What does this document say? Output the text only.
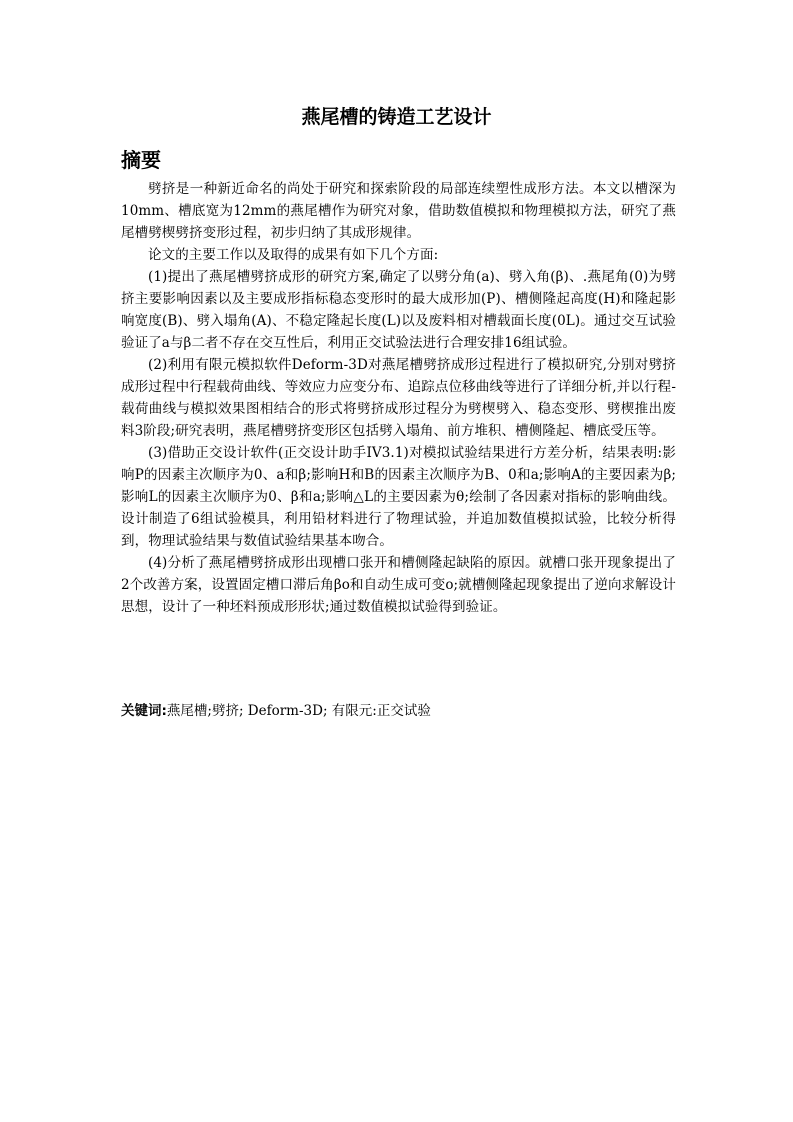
燕尾槽的铸造工艺设计
摘要

劈挤是一种新近命名的尚处于研究和探索阶段的局部连续塑性成形方法。本文以槽深为10mm、槽底宽为12mm的燕尾槽作为研究对象，借助数值模拟和物理模拟方法，研究了燕尾槽劈楔劈挤变形过程，初步归纳了其成形规律。

论文的主要工作以及取得的成果有如下几个方面:

(1)提出了燕尾槽劈挤成形的研究方案,确定了以劈分角(a)、劈入角(β)、.燕尾角(0)为劈挤主要影响因素以及主要成形指标稳态变形时的最大成形加(P)、槽侧隆起高度(H)和隆起影响宽度(B)、劈入塌角(A)、不稳定隆起长度(L)以及废料相对槽载面长度(0L)。通过交互试验验证了a与β二者不存在交互性后，利用正交试验法进行合理安排16组试验。

(2)利用有限元模拟软件Deform-3D对燕尾槽劈挤成形过程进行了模拟研究,分别对劈挤成形过程中行程载荷曲线、等效应力应变分布、追踪点位移曲线等进行了详细分析,并以行程-载荷曲线与模拟效果图相结合的形式将劈挤成形过程分为劈楔劈入、稳态变形、劈楔推出废料3阶段;研究表明，燕尾槽劈挤变形区包括劈入塌角、前方堆积、槽侧隆起、槽底受压等。

(3)借助正交设计软件(正交设计助手IV3.1)对模拟试验结果进行方差分析，结果表明:影响P的因素主次顺序为0、a和β;影响H和B的因素主次顺序为B、0和a;影响A的主要因素为β;影响L的因素主次顺序为0、β和a;影响△L的主要因素为θ;绘制了各因素对指标的影响曲线。设计制造了6组试验模具，利用铅材料进行了物理试验，并追加数值模拟试验，比较分析得到，物理试验结果与数值试验结果基本吻合。

(4)分析了燕尾槽劈挤成形出现槽口张开和槽侧隆起缺陷的原因。就槽口张开现象提出了2个改善方案，设置固定槽口滞后角βo和自动生成可变o;就槽侧隆起现象提出了逆向求解设计思想，设计了一种坯料预成形形状;通过数值模拟试验得到验证。

关键词:燕尾槽;劈挤; Deform-3D; 有限元:正交试验
